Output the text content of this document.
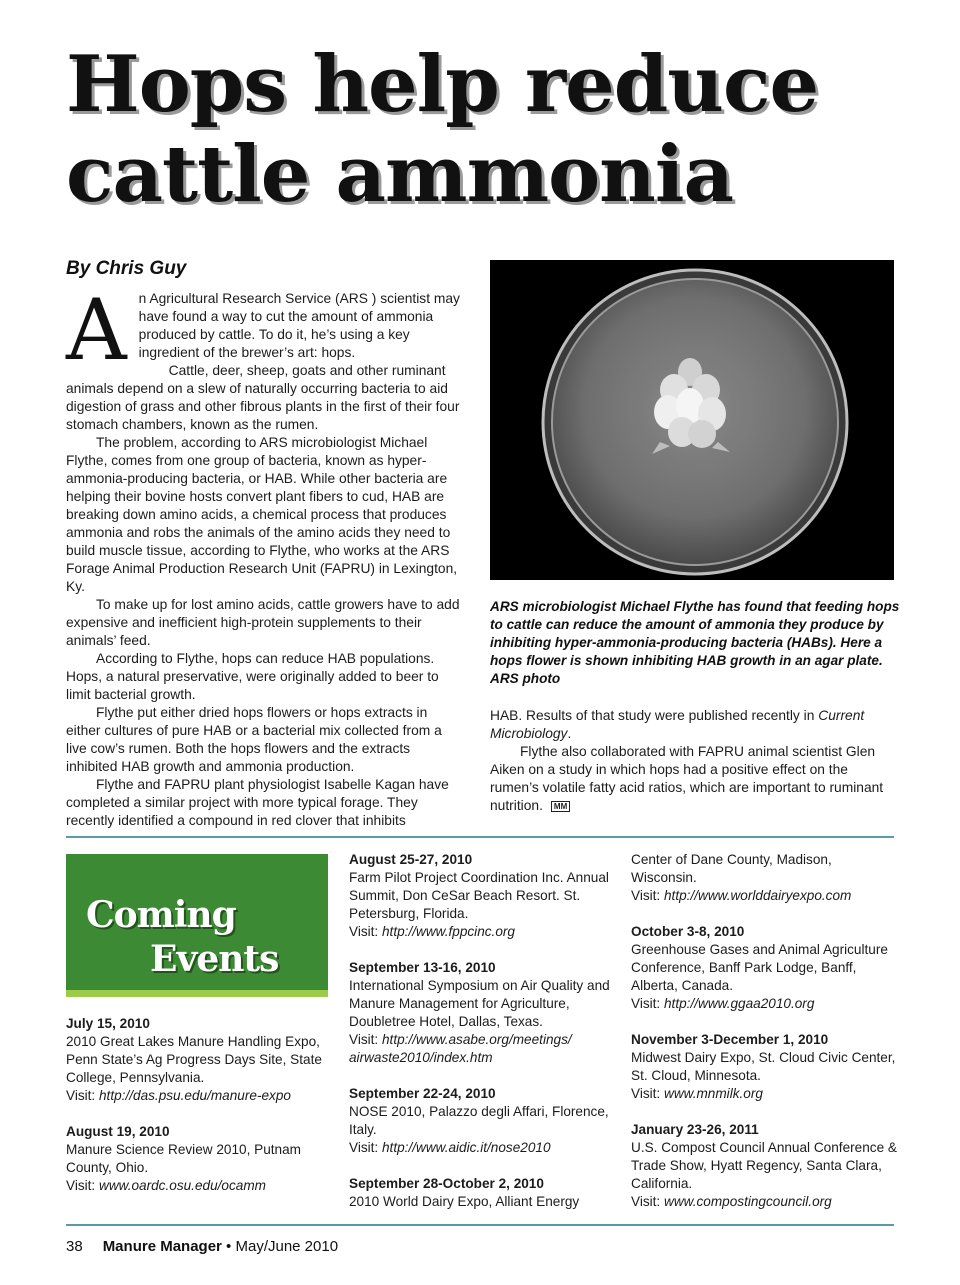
Hops help reduce
cattle ammonia
By Chris Guy

An Agricultural Research Service (ARS ) scientist may have found a way to cut the amount of ammonia produced by cattle. To do it, he’s using a key ingredient of the brewer’s art: hops.

Cattle, deer, sheep, goats and other ruminant animals depend on a slew of naturally occurring bacteria to aid digestion of grass and other fibrous plants in the first of their four stomach chambers, known as the rumen.

The problem, according to ARS microbiologist Michael Flythe, comes from one group of bacteria, known as hyper-ammonia-producing bacteria, or HAB. While other bacteria are helping their bovine hosts convert plant fibers to cud, HAB are breaking down amino acids, a chemical process that produces ammonia and robs the animals of the amino acids they need to build muscle tissue, according to Flythe, who works at the ARS Forage Animal Production Research Unit (FAPRU) in Lexington, Ky.

To make up for lost amino acids, cattle growers have to add expensive and inefficient high-protein supplements to their animals’ feed.

According to Flythe, hops can reduce HAB populations. Hops, a natural preservative, were originally added to beer to limit bacterial growth.

Flythe put either dried hops flowers or hops extracts in either cultures of pure HAB or a bacterial mix collected from a live cow’s rumen. Both the hops flowers and the extracts inhibited HAB growth and ammonia production.

Flythe and FAPRU plant physiologist Isabelle Kagan have completed a similar project with more typical forage. They recently identified a compound in red clover that inhibits

ARS microbiologist Michael Flythe has found that feeding hops to cattle can reduce the amount of ammonia they produce by inhibiting hyper-ammonia-producing bacteria (HABs). Here a hops flower is shown inhibiting HAB growth in an agar plate. ARS photo

HAB. Results of that study were published recently in Current Microbiology.

Flythe also collaborated with FAPRU animal scientist Glen Aiken on a study in which hops had a positive effect on the rumen’s volatile fatty acid ratios, which are important to ruminant nutrition. MM

Coming
Events
July 15, 2010
2010 Great Lakes Manure Handling Expo, Penn State’s Ag Progress Days Site, State College, Pennsylvania.
Visit: http://das.psu.edu/manure-expo
August 19, 2010
Manure Science Review 2010, Putnam County, Ohio.
Visit: www.oardc.osu.edu/ocamm
August 25-27, 2010
Farm Pilot Project Coordination Inc. Annual Summit, Don CeSar Beach Resort. St. Petersburg, Florida.
Visit: http://www.fppcinc.org
September 13-16, 2010
International Symposium on Air Quality and Manure Management for Agriculture, Doubletree Hotel, Dallas, Texas.
Visit: http://www.asabe.org/meetings/ airwaste2010/index.htm
September 22-24, 2010
NOSE 2010, Palazzo degli Affari, Florence, Italy.
Visit: http://www.aidic.it/nose2010
September 28-October 2, 2010
2010 World Dairy Expo, Alliant Energy
Center of Dane County, Madison, Wisconsin.
Visit: http://www.worlddairyexpo.com
October 3-8, 2010
Greenhouse Gases and Animal Agriculture Conference, Banff Park Lodge, Banff, Alberta, Canada.
Visit: http://www.ggaa2010.org
November 3-December 1, 2010
Midwest Dairy Expo, St. Cloud Civic Center, St. Cloud, Minnesota.
Visit: www.mnmilk.org
January 23-26, 2011
U.S. Compost Council Annual Conference & Trade Show, Hyatt Regency, Santa Clara, California.
Visit: www.compostingcouncil.org
38 Manure Manager • May/June 2010
